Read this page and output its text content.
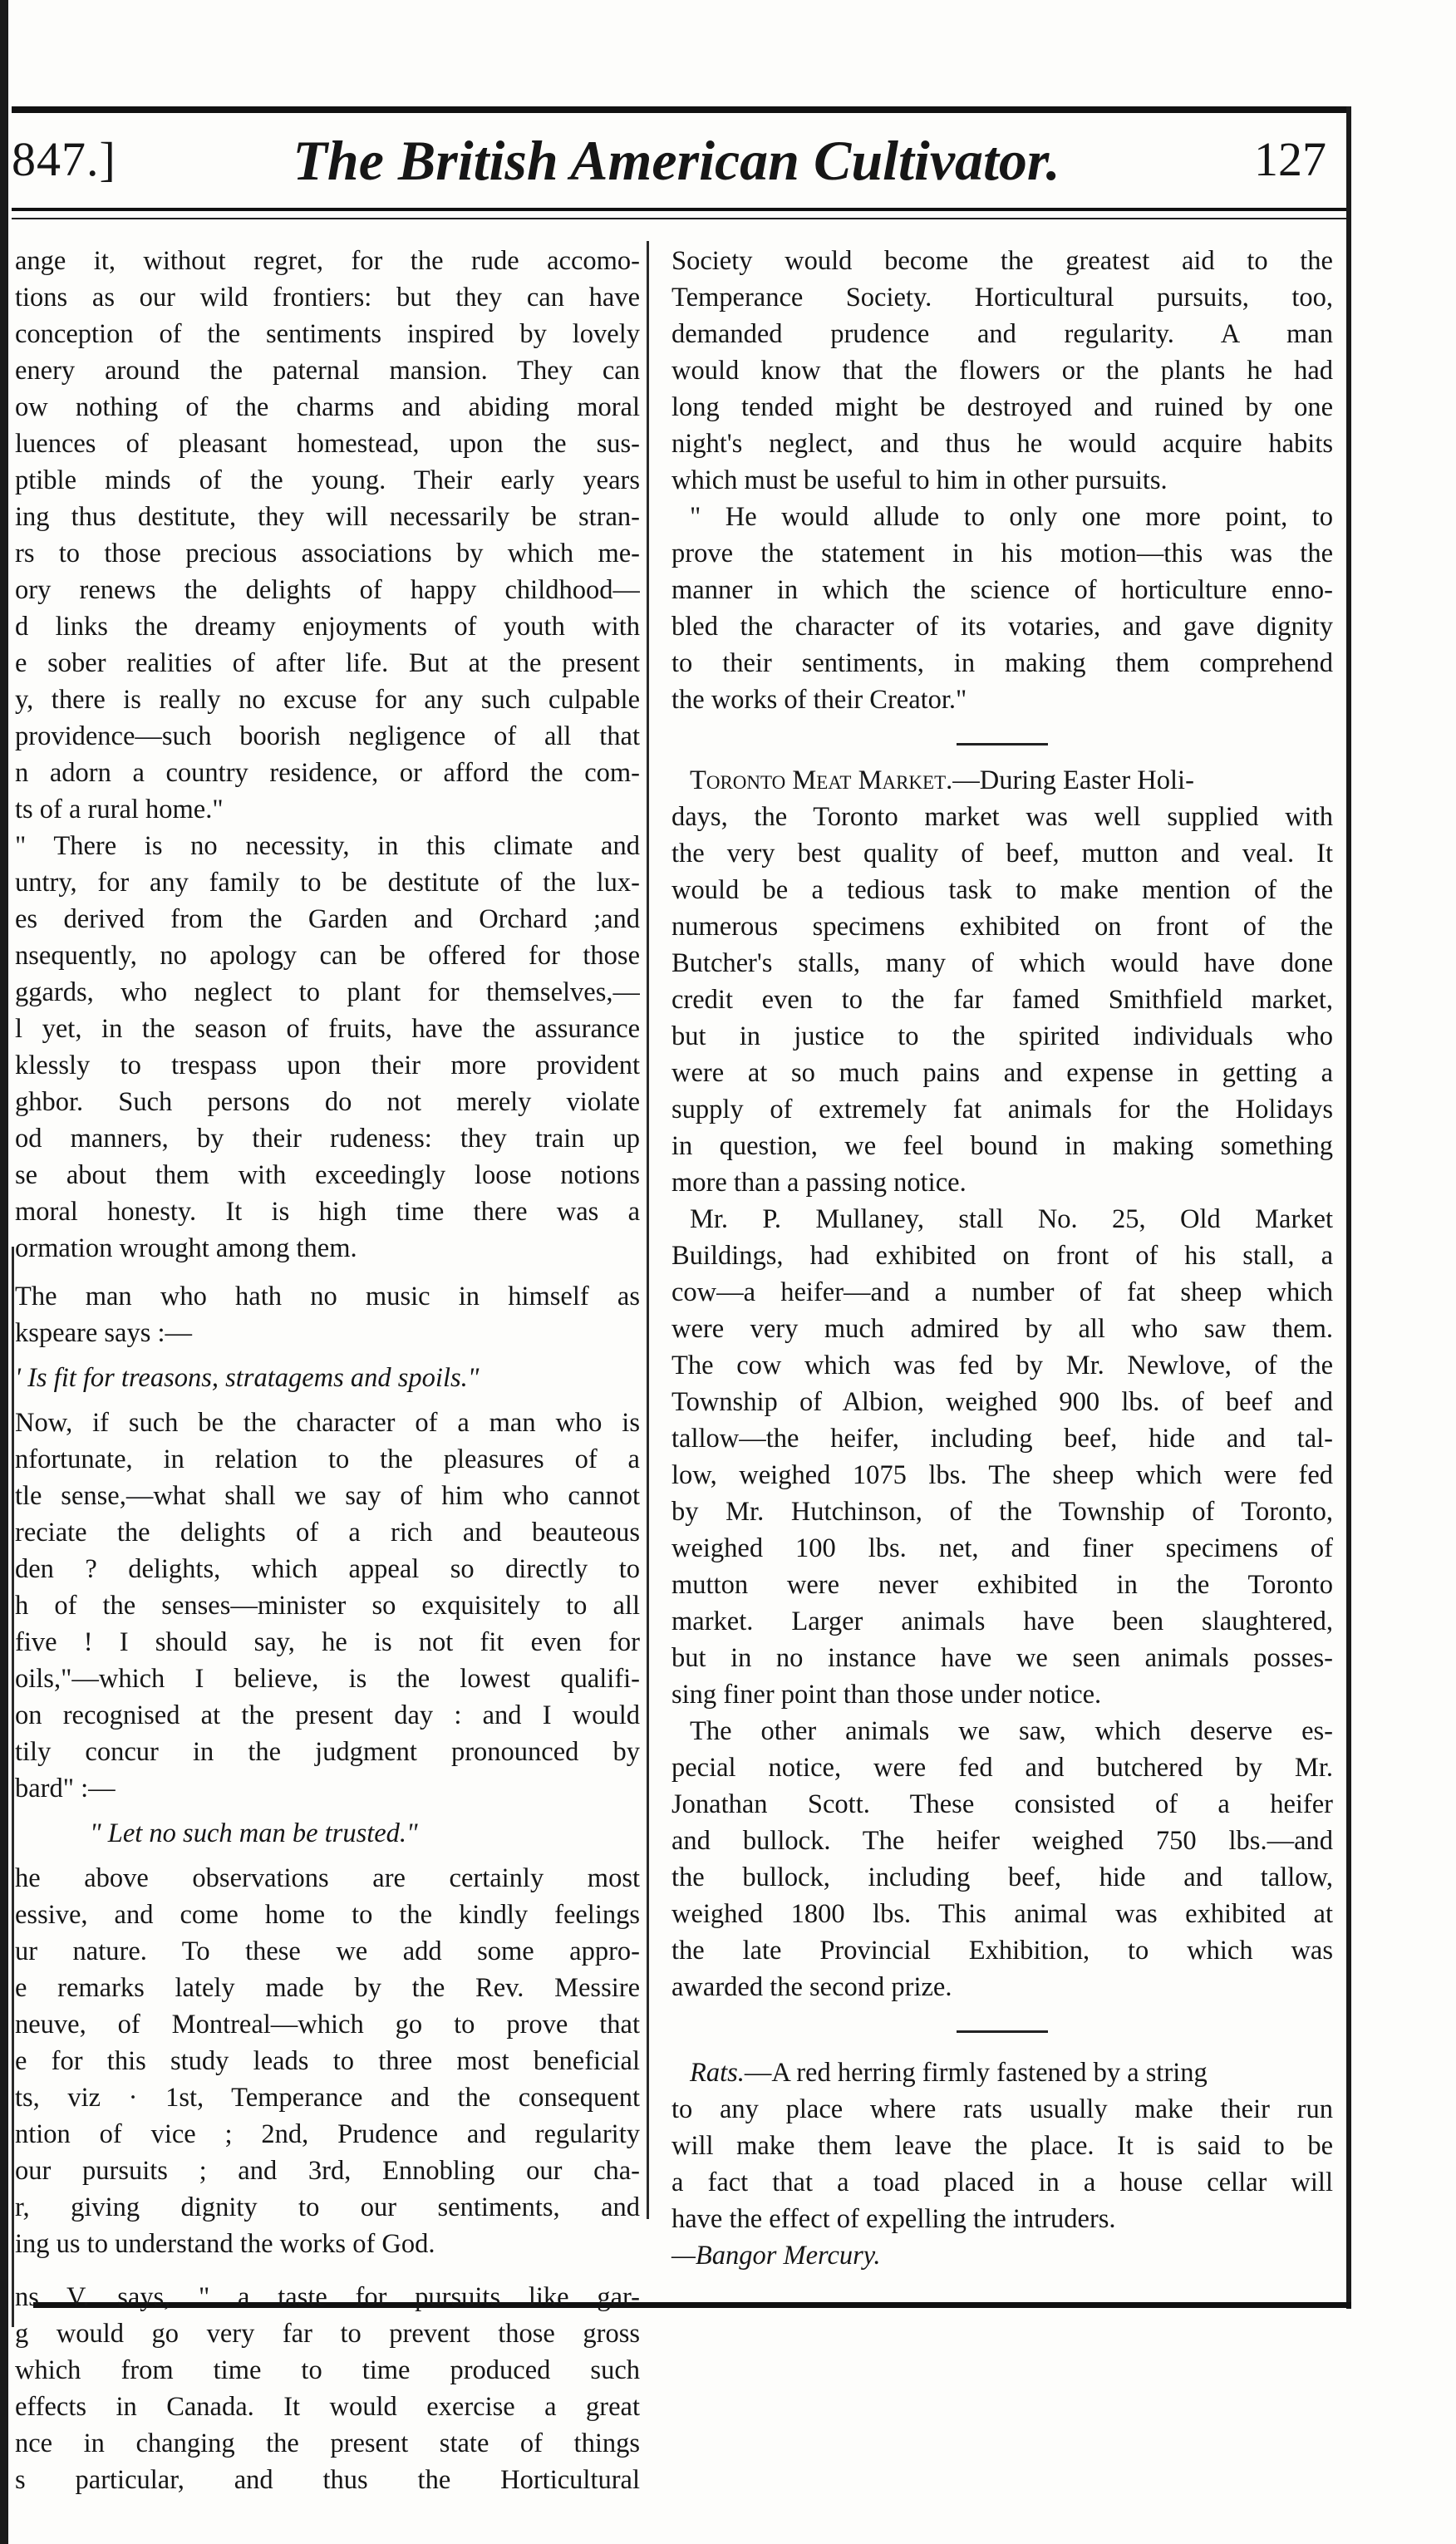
847.]	The British American Cultivator.	127
ange it, without regret, for the rude accomo-
tions as our wild frontiers: but they can have
conception of the sentiments inspired by lovely
enery around the paternal mansion. They can
ow nothing of the charms and abiding moral
luences of pleasant homestead, upon the sus-
ptible minds of the young. Their early years
ing thus destitute, they will necessarily be stran-
rs to those precious associations by which me-
ory renews the delights of happy childhood—
d links the dreamy enjoyments of youth with
e sober realities of after life. But at the present
y, there is really no excuse for any such culpable
providence—such boorish negligence of all that
n adorn a country residence, or afford the com-
ts of a rural home."
" There is no necessity, in this climate and
untry, for any family to be destitute of the lux-
es derived from the Garden and Orchard ;and
nsequently, no apology can be offered for those
ggards, who neglect to plant for themselves,—
l yet, in the season of fruits, have the assurance
klessly to trespass upon their more provident
ghbor. Such persons do not merely violate
od manners, by their rudeness: they train up
se about them with exceedingly loose notions
moral honesty. It is high time there was a
ormation wrought among them.
The man who hath no music in himself as
kspeare says :—
' Is fit for treasons, stratagems and spoils."
Now, if such be the character of a man who is
nfortunate, in relation to the pleasures of a
tle sense,—what shall we say of him who cannot
reciate the delights of a rich and beauteous
den ? delights, which appeal so directly to
h of the senses—minister so exquisitely to all
five ! I should say, he is not fit even for
oils,"—which I believe, is the lowest qualifi-
on recognised at the present day : and I would
tily concur in the judgment pronounced by
bard" :—
" Let no such man be trusted."
he above observations are certainly most
essive, and come home to the kindly feelings
ur nature. To these we add some appro-
e remarks lately made by the Rev. Messire
neuve, of Montreal—which go to prove that
e for this study leads to three most beneficial
ts, viz · 1st, Temperance and the consequent
ntion of vice ; 2nd, Prudence and regularity
our pursuits ; and 3rd, Ennobling our cha-
r, giving dignity to our sentiments, and
ing us to understand the works of God.
ns V. says, " a taste for pursuits like gar-
g would go very far to prevent those gross
which from time to time produced such
effects in Canada. It would exercise a great
nce in changing the present state of things
s particular, and thus the Horticultural
Society would become the greatest aid to the
Temperance Society. Horticultural pursuits, too,
demanded prudence and regularity. A man
would know that the flowers or the plants he had
long tended might be destroyed and ruined by one
night's neglect, and thus he would acquire habits
which must be useful to him in other pursuits.
" He would allude to only one more point, to
prove the statement in his motion—this was the
manner in which the science of horticulture enno-
bled the character of its votaries, and gave dignity
to their sentiments, in making them comprehend
the works of their Creator."
Toronto Meat Market.—During Easter Holi-
days, the Toronto market was well supplied with
the very best quality of beef, mutton and veal. It
would be a tedious task to make mention of the
numerous specimens exhibited on front of the
Butcher's stalls, many of which would have done
credit even to the far famed Smithfield market,
but in justice to the spirited individuals who
were at so much pains and expense in getting a
supply of extremely fat animals for the Holidays
in question, we feel bound in making something
more than a passing notice.
Mr. P. Mullaney, stall No. 25, Old Market
Buildings, had exhibited on front of his stall, a
cow—a heifer—and a number of fat sheep which
were very much admired by all who saw them.
The cow which was fed by Mr. Newlove, of the
Township of Albion, weighed 900 lbs. of beef and
tallow—the heifer, including beef, hide and tal-
low, weighed 1075 lbs. The sheep which were fed
by Mr. Hutchinson, of the Township of Toronto,
weighed 100 lbs. net, and finer specimens of
mutton were never exhibited in the Toronto
market. Larger animals have been slaughtered,
but in no instance have we seen animals posses-
sing finer point than those under notice.
The other animals we saw, which deserve es-
pecial notice, were fed and butchered by Mr.
Jonathan Scott. These consisted of a heifer
and bullock. The heifer weighed 750 lbs.—and
the bullock, including beef, hide and tallow,
weighed 1800 lbs. This animal was exhibited at
the late Provincial Exhibition, to which was
awarded the second prize.
Rats.—A red herring firmly fastened by a string
to any place where rats usually make their run
will make them leave the place. It is said to be
a fact that a toad placed in a house cellar will
have the effect of expelling the intruders.
—Bangor Mercury.
